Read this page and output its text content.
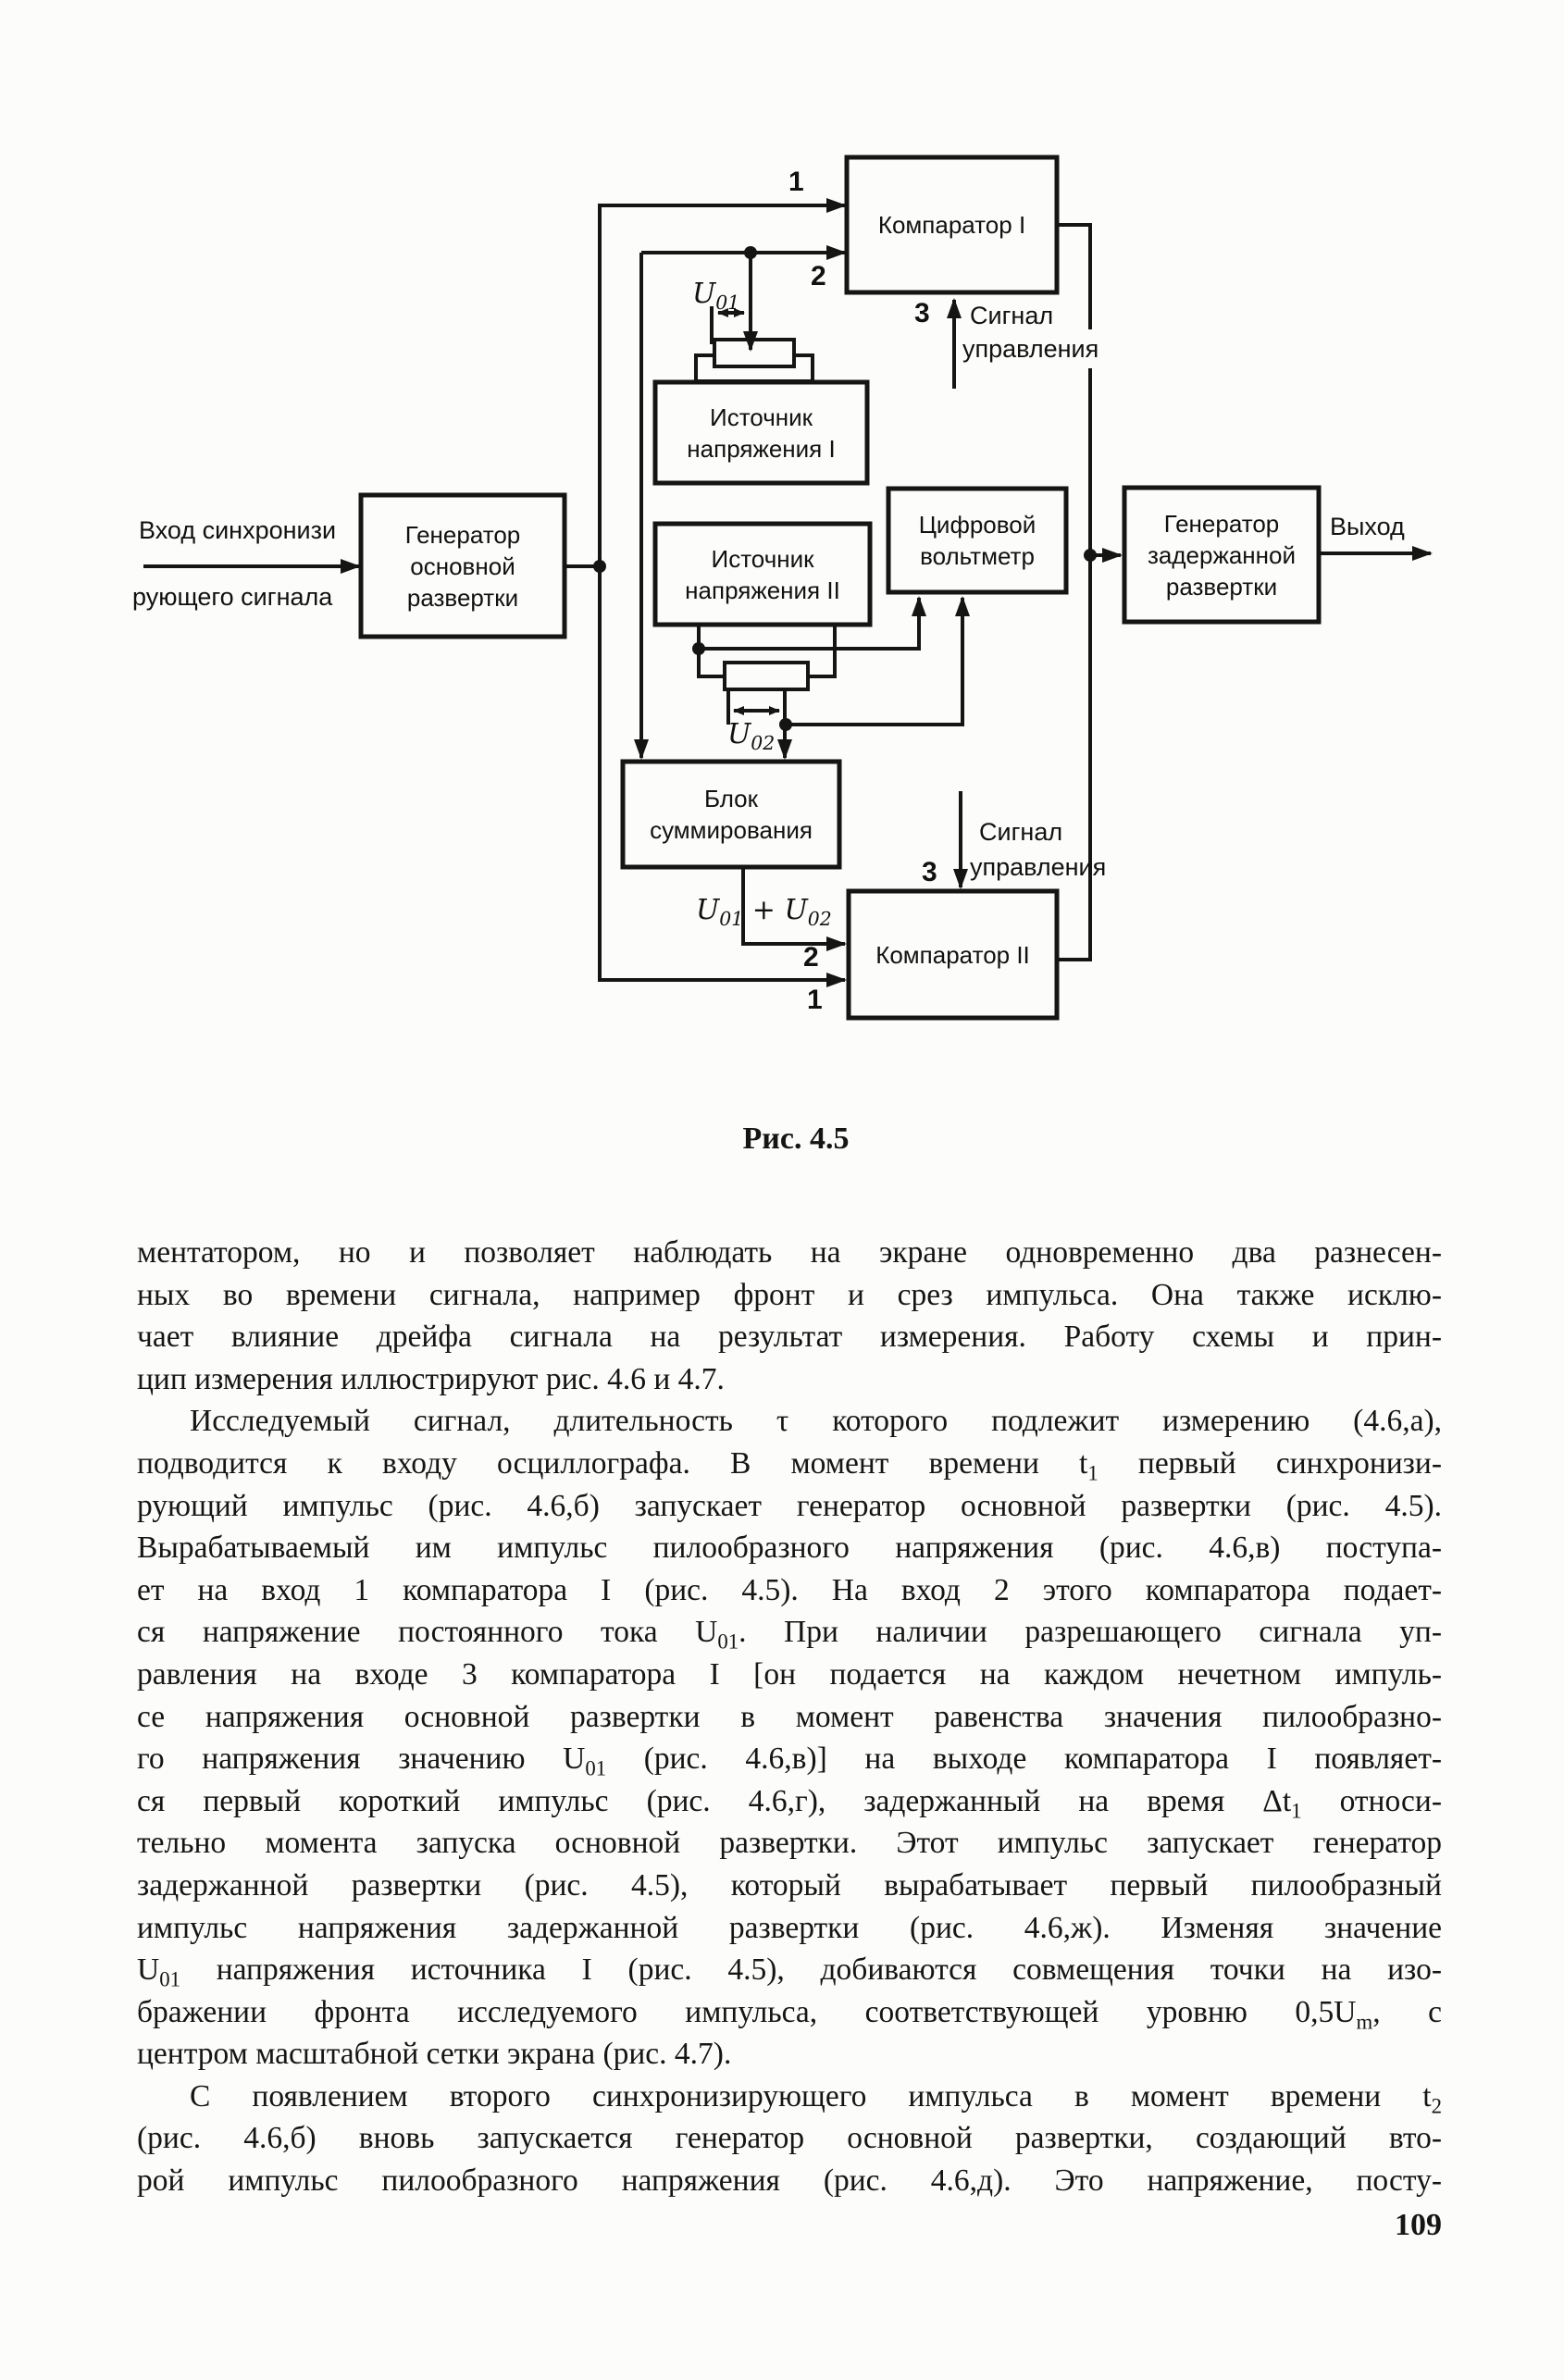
Компаратор I
Источник
напряжения I
Источник
напряжения II
Цифровой
вольтметр
Генератор
основной
развертки
Генератор
задержанной
развертки
Блок
суммирования
Компаратор II
Вход синхронизи
рующего сигнала
Выход
Сигнал
управления
Сигнал
управления
1
2
3
3
2
1
$U_{01}$
$U_{02}$
$U_{01} + U_{02}$
Рис. 4.5
ментатором, но и позволяет наблюдать на экране одновременно два разнесен-
ных во времени сигнала, например фронт и срез импульса. Она также исклю-
чает влияние дрейфа сигнала на результат измерения. Работу схемы и прин-
цип измерения иллюстрируют рис. 4.6 и 4.7.
Исследуемый сигнал, длительность τ которого подлежит измерению (4.6,а),
подводится к входу осциллографа. В момент времени $t_1$ первый синхронизи-
рующий импульс (рис. 4.6,б) запускает генератор основной развертки (рис. 4.5).
Вырабатываемый им импульс пилообразного напряжения (рис. 4.6,в) поступа-
ет на вход 1 компаратора I (рис. 4.5). На вход 2 этого компаратора подает-
ся напряжение постоянного тока $U_{01}$. При наличии разрешающего сигнала уп-
равления на входе 3 компаратора I [он подается на каждом нечетном импуль-
се напряжения основной развертки в момент равенства значения пилообразно-
го напряжения значению $U_{01}$ (рис. 4.6,в)] на выходе компаратора I появляет-
ся первый короткий импульс (рис. 4.6,г), задержанный на время $\Delta t_1$ относи-
тельно момента запуска основной развертки. Этот импульс запускает генератор
задержанной развертки (рис. 4.5), который вырабатывает первый пилообразный
импульс напряжения задержанной развертки (рис. 4.6,ж). Изменяя значение
$U_{01}$ напряжения источника I (рис. 4.5), добиваются совмещения точки на изо-
бражении фронта исследуемого импульса, соответствующей уровню $0,5U_m$, с
центром масштабной сетки экрана (рис. 4.7).
С появлением второго синхронизирующего импульса в момент времени $t_2$
(рис. 4.6,б) вновь запускается генератор основной развертки, создающий вто-
рой импульс пилообразного напряжения (рис. 4.6,д). Это напряжение, посту-
109
